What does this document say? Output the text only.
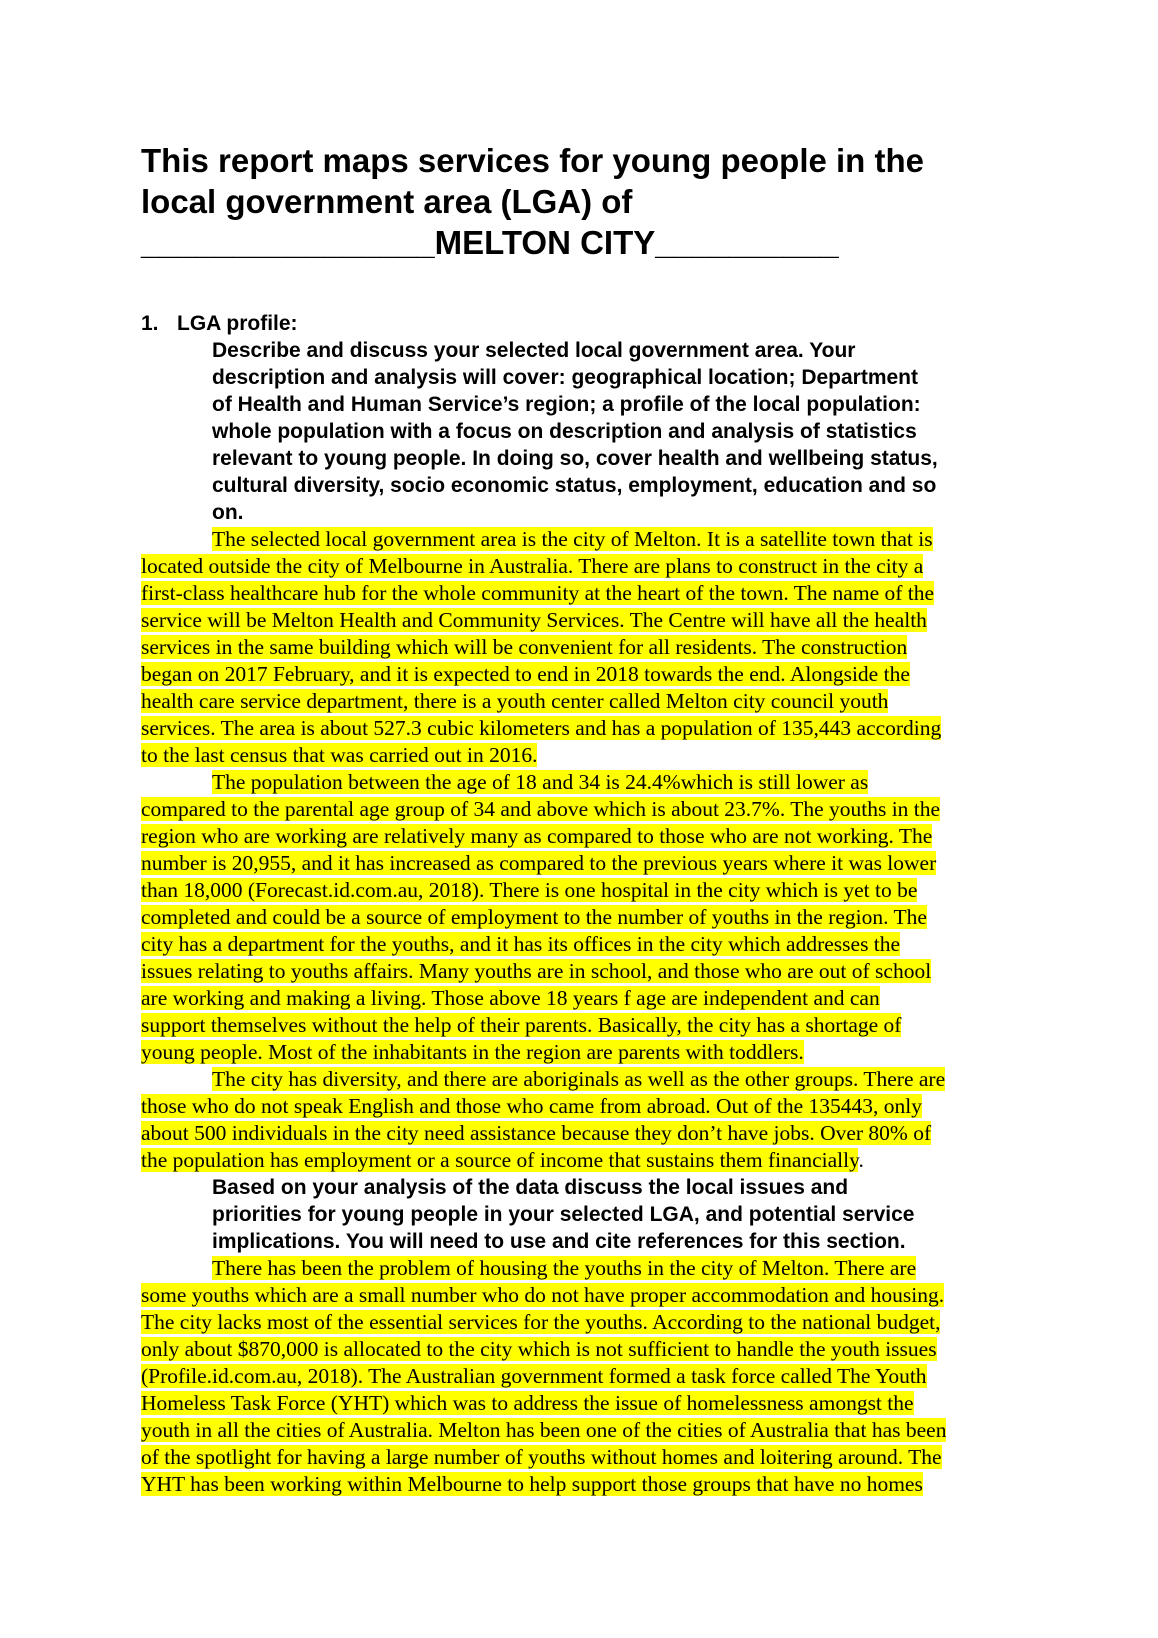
This report maps services for young people in the
local government area (LGA) of
________________MELTON CITY__________

1. LGA profile:

Describe and discuss your selected local government area. Your
description and analysis will cover: geographical location; Department
of Health and Human Service’s region; a profile of the local population:
whole population with a focus on description and analysis of statistics
relevant to young people. In doing so, cover health and wellbeing status,
cultural diversity, socio economic status, employment, education and so
on.
The selected local government area is the city of Melton. It is a satellite town that is
located outside the city of Melbourne in Australia. There are plans to construct in the city a
first-class healthcare hub for the whole community at the heart of the town. The name of the
service will be Melton Health and Community Services. The Centre will have all the health
services in the same building which will be convenient for all residents. The construction
began on 2017 February, and it is expected to end in 2018 towards the end. Alongside the
health care service department, there is a youth center called Melton city council youth
services. The area is about 527.3 cubic kilometers and has a population of 135,443 according
to the last census that was carried out in 2016.
The population between the age of 18 and 34 is 24.4%which is still lower as
compared to the parental age group of 34 and above which is about 23.7%. The youths in the
region who are working are relatively many as compared to those who are not working. The
number is 20,955, and it has increased as compared to the previous years where it was lower
than 18,000 (Forecast.id.com.au, 2018). There is one hospital in the city which is yet to be
completed and could be a source of employment to the number of youths in the region. The
city has a department for the youths, and it has its offices in the city which addresses the
issues relating to youths affairs. Many youths are in school, and those who are out of school
are working and making a living. Those above 18 years f age are independent and can
support themselves without the help of their parents. Basically, the city has a shortage of
young people. Most of the inhabitants in the region are parents with toddlers.
The city has diversity, and there are aboriginals as well as the other groups. There are
those who do not speak English and those who came from abroad. Out of the 135443, only
about 500 individuals in the city need assistance because they don’t have jobs. Over 80% of
the population has employment or a source of income that sustains them financially.
Based on your analysis of the data discuss the local issues and
priorities for young people in your selected LGA, and potential service
implications. You will need to use and cite references for this section.
There has been the problem of housing the youths in the city of Melton. There are
some youths which are a small number who do not have proper accommodation and housing.
The city lacks most of the essential services for the youths. According to the national budget,
only about $870,000 is allocated to the city which is not sufficient to handle the youth issues
(Profile.id.com.au, 2018). The Australian government formed a task force called The Youth
Homeless Task Force (YHT) which was to address the issue of homelessness amongst the
youth in all the cities of Australia. Melton has been one of the cities of Australia that has been
of the spotlight for having a large number of youths without homes and loitering around. The
YHT has been working within Melbourne to help support those groups that have no homes
